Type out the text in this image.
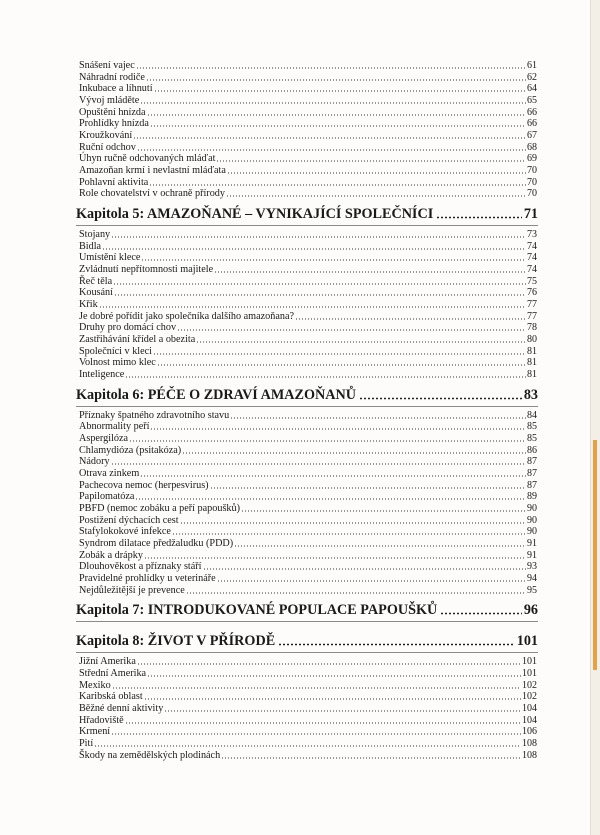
Snášení vajec	61
Náhradní rodiče	62
Inkubace a líhnutí	64
Vývoj mláděte	65
Opuštění hnízda	66
Prohlídky hnízda	66
Kroužkování	67
Ruční odchov	68
Úhyn ručně odchovaných mláďat	69
Amazoňan krmí i nevlastní mláďata	70
Pohlavní aktivita	70
Role chovatelství v ochraně přírody	70
Kapitola 5: AMAZOŇANÉ – VYNIKAJÍCÍ SPOLEČNÍCI	71
Stojany	73
Bidla	74
Umístění klece	74
Zvládnutí nepřítomnosti majitele	74
Řeč těla	75
Kousání	76
Křik	77
Je dobré pořídit jako společníka dalšího amazoňana?	77
Druhy pro domácí chov	78
Zastřihávání křídel a obezita	80
Společníci v kleci	81
Volnost mimo klec	81
Inteligence	81
Kapitola 6: PÉČE O ZDRAVÍ AMAZOŇANŮ	83
Příznaky špatného zdravotního stavu	84
Abnormality peří	85
Aspergilóza	85
Chlamydióza (psitakóza)	86
Nádory	87
Otrava zinkem	87
Pachecova nemoc (herpesvirus)	87
Papilomatóza	89
PBFD (nemoc zobáku a peří papoušků)	90
Postižení dýchacích cest	90
Stafylokokové infekce	90
Syndrom dilatace předžaludku (PDD)	91
Zobák a drápky	91
Dlouhověkost a příznaky stáří	93
Pravidelné prohlídky u veterináře	94
Nejdůležitější je prevence	95
Kapitola 7: INTRODUKOVANÉ POPULACE PAPOUŠKŮ	96
Kapitola 8: ŽIVOT V PŘÍRODĚ	101
Jižní Amerika	101
Střední Amerika	101
Mexiko	102
Karibská oblast	102
Běžné denní aktivity	104
Hřadoviště	104
Krmení	106
Pití	108
Škody na zemědělských plodinách	108
